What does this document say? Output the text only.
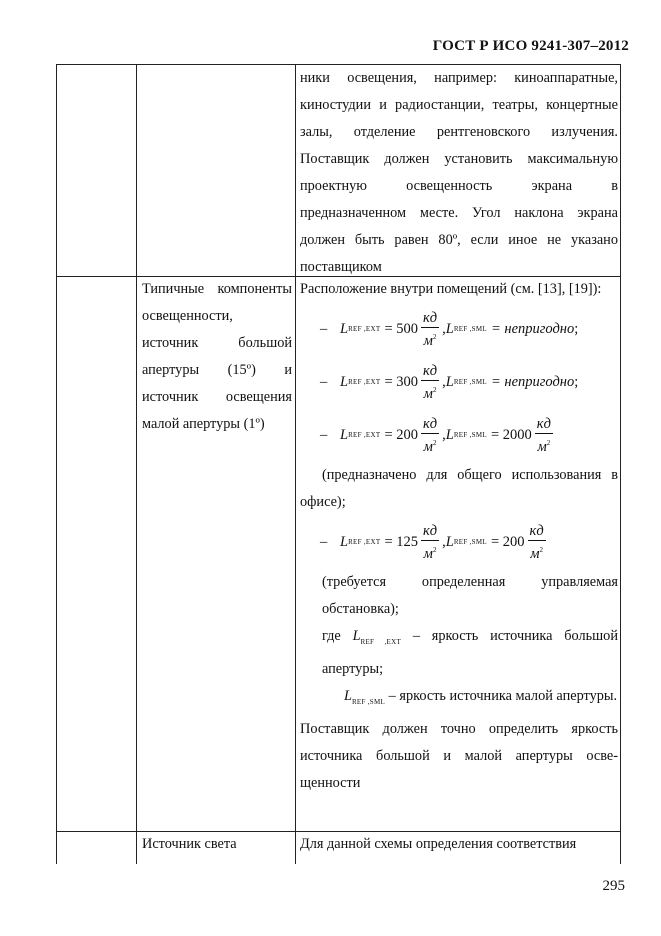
ГОСТ Р ИСО 9241-307–2012
ники освещения, например: киноаппаратные, киностудии и радиостанции, театры, концертные залы, отделение рентгеновского излучения. Поставщик должен установить максимальную проектную освещенность экрана в предназначенном месте. Угол наклона экрана должен быть равен 80º, если иное не указано поставщиком
Типичные компоненты освещенности, источник большой апертуры (15º) и источник освещения малой апертуры (1º)

Расположение внутри помещений (см. [13], [19]):

– L REF $,EXT = 500 \frac{кд}{м^2}$ , L REF ,SML = непригодно ;
– L REF $,EXT = 300 \frac{кд}{м^2}$ , L REF ,SML = непригодно ;
– L REF $,EXT = 200 \frac{кд}{м^2}$ , L REF $,SML = 2000 \frac{кд}{м^2}$

(предназначено для общего использования в офисе);

– L REF $,EXT = 125 \frac{кд}{м^2}$ , L REF $,SML = 200 \frac{кд}{м^2}$

(требуется определенная управляемая обстановка);

где $L_{REF ,EXT}$ – яркость источника большой апертуры;

$L_{REF ,SML}$ – яркость источника малой апертуры.

Поставщик должен точно определить яркость источника большой и малой апертуры освещенности

Источник света	Для данной схемы определения соответствия
295
